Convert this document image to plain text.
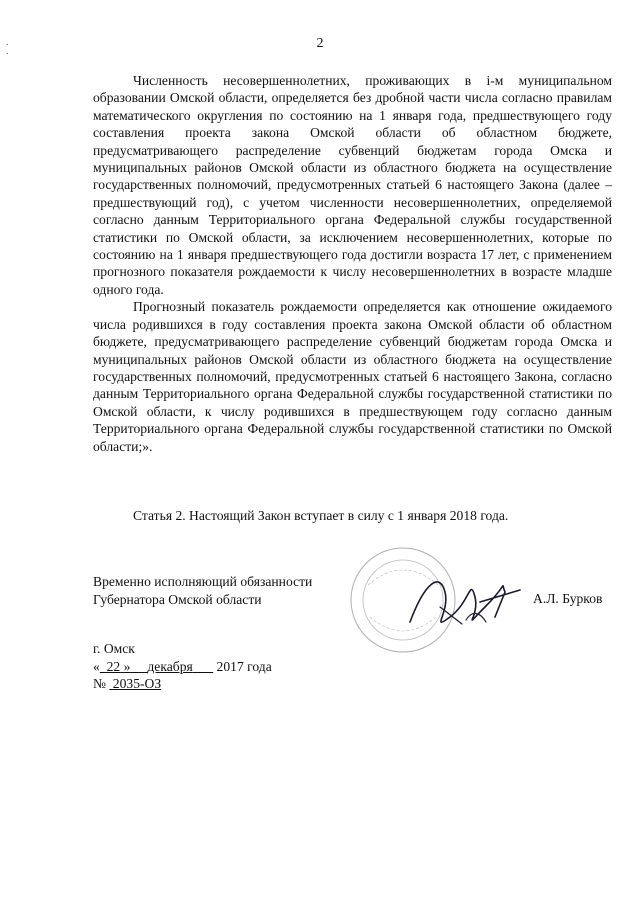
2
.
.

Численность несовершеннолетних, проживающих в i-м муниципальном образовании Омской области, определяется без дробной части числа согласно правилам математического округления по состоянию на 1 января года, предшествующего году составления проекта закона Омской области об областном бюджете, предусматривающего распределение субвенций бюджетам города Омска и муниципальных районов Омской области из областного бюджета на осуществление государственных полномочий, предусмотренных статьей 6 настоящего Закона (далее – предшествующий год), с учетом численности несовершеннолетних, определяемой согласно данным Территориального органа Федеральной службы государственной статистики по Омской области, за исключением несовершеннолетних, которые по состоянию на 1 января предшествующего года достигли возраста 17 лет, с применением прогнозного показателя рождаемости к числу несовершеннолетних в возрасте младше одного года.

Прогнозный показатель рождаемости определяется как отношение ожидаемого числа родившихся в году составления проекта закона Омской области об областном бюджете, предусматривающего распределение субвенций бюджетам города Омска и муниципальных районов Омской области из областного бюджета на осуществление государственных полномочий, предусмотренных статьей 6 настоящего Закона, согласно данным Территориального органа Федеральной службы государственной статистики по Омской области, к числу родившихся в предшествующем году согласно данным Территориального органа Федеральной службы государственной статистики по Омской области;».

Статья 2. Настоящий Закон вступает в силу с 1 января 2018 года.
Временно исполняющий обязанности
Губернатора Омской области	А.Л. Бурков
г. Омск
« 22 » декабря 2017 года
№ 2035-ОЗ
